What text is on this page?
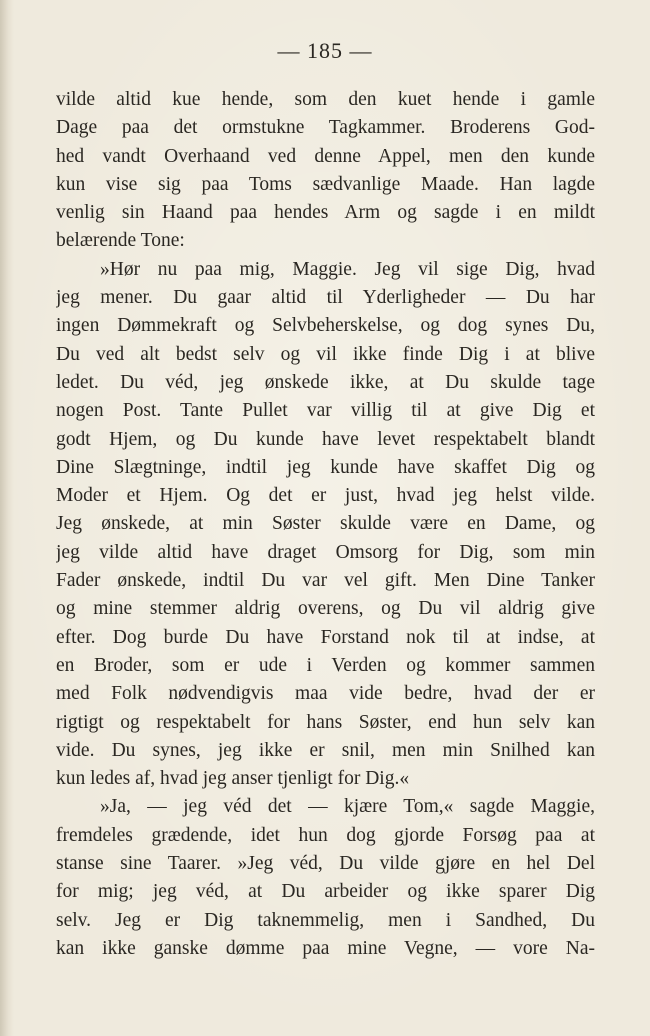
— 185 —
vilde altid kue hende, som den kuet hende i gamle
Dage paa det ormstukne Tagkammer. Broderens God-
hed vandt Overhaand ved denne Appel, men den kunde
kun vise sig paa Toms sædvanlige Maade. Han lagde
venlig sin Haand paa hendes Arm og sagde i en mildt
belærende Tone:
»Hør nu paa mig, Maggie. Jeg vil sige Dig, hvad
jeg mener. Du gaar altid til Yderligheder — Du har
ingen Dømmekraft og Selvbeherskelse, og dog synes Du,
Du ved alt bedst selv og vil ikke finde Dig i at blive
ledet. Du véd, jeg ønskede ikke, at Du skulde tage
nogen Post. Tante Pullet var villig til at give Dig et
godt Hjem, og Du kunde have levet respektabelt blandt
Dine Slægtninge, indtil jeg kunde have skaffet Dig og
Moder et Hjem. Og det er just, hvad jeg helst vilde.
Jeg ønskede, at min Søster skulde være en Dame, og
jeg vilde altid have draget Omsorg for Dig, som min
Fader ønskede, indtil Du var vel gift. Men Dine Tanker
og mine stemmer aldrig overens, og Du vil aldrig give
efter. Dog burde Du have Forstand nok til at indse, at
en Broder, som er ude i Verden og kommer sammen
med Folk nødvendigvis maa vide bedre, hvad der er
rigtigt og respektabelt for hans Søster, end hun selv kan
vide. Du synes, jeg ikke er snil, men min Snilhed kan
kun ledes af, hvad jeg anser tjenligt for Dig.«
»Ja, — jeg véd det — kjære Tom,« sagde Maggie,
fremdeles grædende, idet hun dog gjorde Forsøg paa at
stanse sine Taarer. »Jeg véd, Du vilde gjøre en hel Del
for mig; jeg véd, at Du arbeider og ikke sparer Dig
selv. Jeg er Dig taknemmelig, men i Sandhed, Du
kan ikke ganske dømme paa mine Vegne, — vore Na-
